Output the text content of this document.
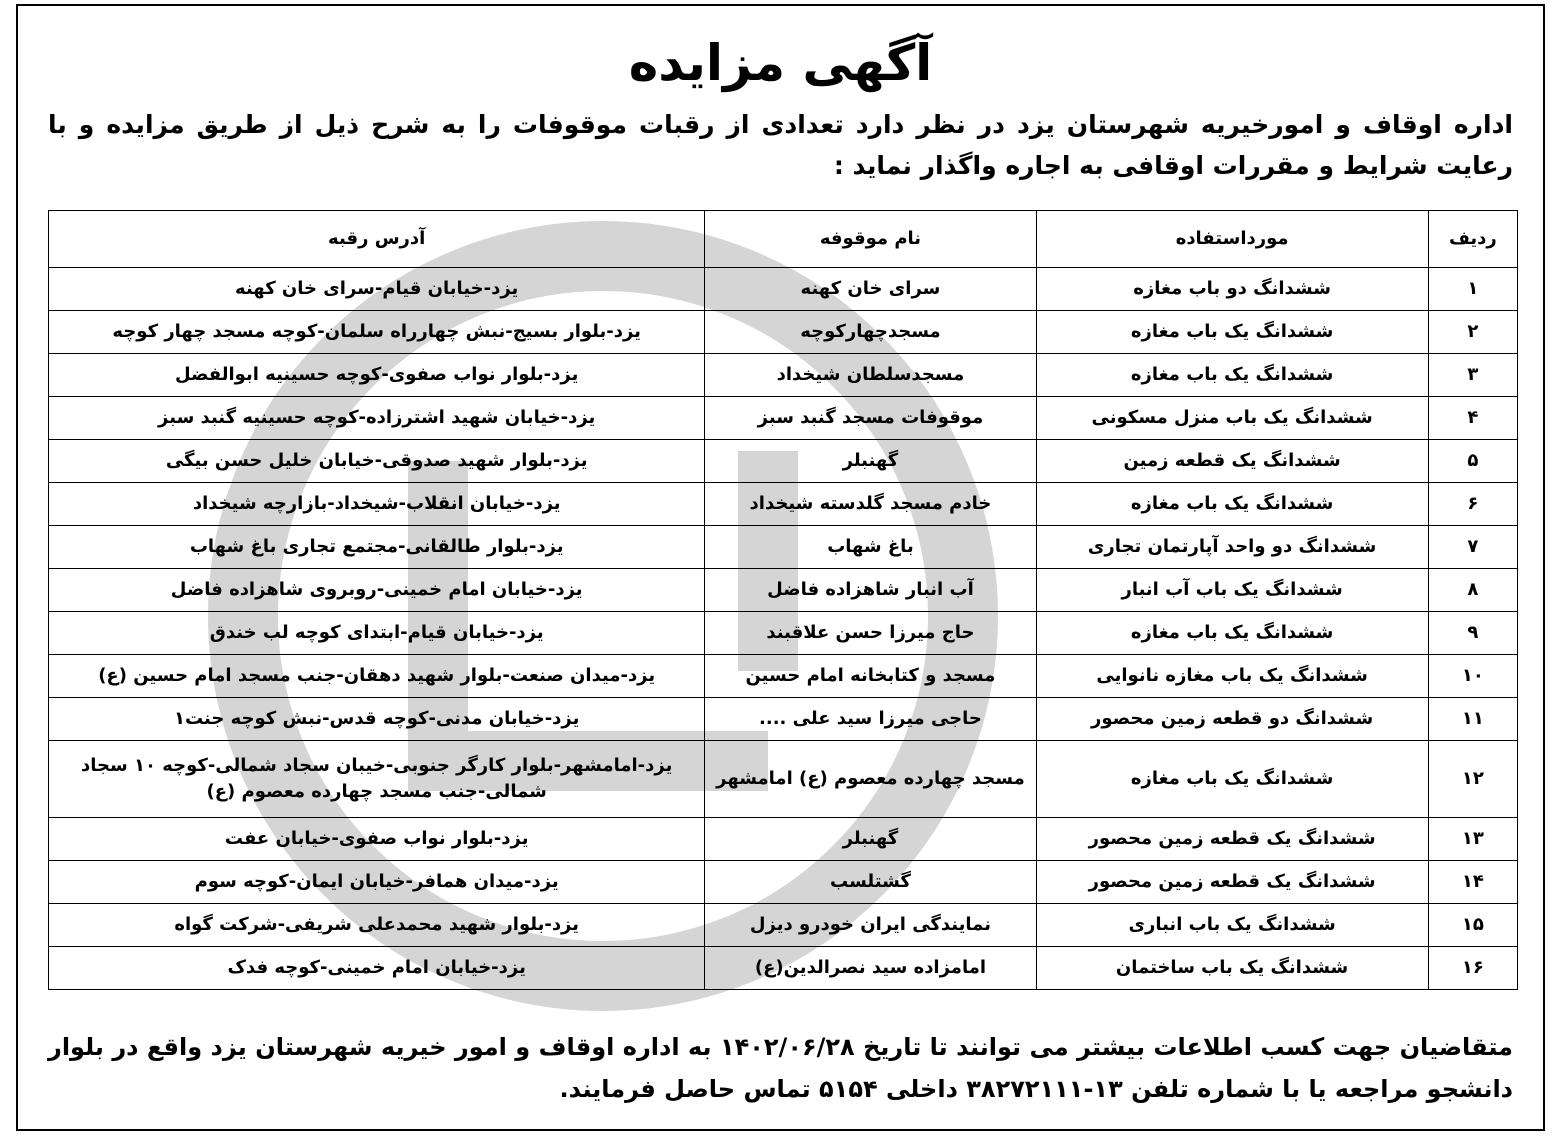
آگهی مزایده
اداره اوقاف و امورخیریه شهرستان یزد در نظر دارد تعدادی از رقبات موقوفات را به شرح ذیل از طریق مزایده و با رعایت شرایط و مقررات اوقافی به اجاره واگذار نماید :
ردیف	مورداستفاده	نام موقوفه	آدرس رقبه
۱	ششدانگ دو باب مغازه	سرای خان کهنه	یزد-خیابان قیام-سرای خان کهنه
۲	ششدانگ یک باب مغازه	مسجدچهارکوچه	یزد-بلوار بسیج-نبش چهارراه سلمان-کوچه مسجد چهار کوچه
۳	ششدانگ یک باب مغازه	مسجدسلطان شیخداد	یزد-بلوار نواب صفوی-کوچه حسینیه ابوالفضل
۴	ششدانگ یک باب منزل مسکونی	موقوفات مسجد گنبد سبز	یزد-خیابان شهید اشترزاده-کوچه حسینیه گنبد سبز
۵	ششدانگ یک قطعه زمین	گهنبلر	یزد-بلوار شهید صدوقی-خیابان خلیل حسن بیگی
۶	ششدانگ یک باب مغازه	خادم مسجد گلدسته شیخداد	یزد-خیابان انقلاب-شیخداد-بازارچه شیخداد
۷	ششدانگ دو واحد آپارتمان تجاری	باغ شهاب	یزد-بلوار طالقانی-مجتمع تجاری باغ شهاب
۸	ششدانگ یک باب آب انبار	آب انبار شاهزاده فاضل	یزد-خیابان امام خمینی-روبروی شاهزاده فاضل
۹	ششدانگ یک باب مغازه	حاج میرزا حسن علاقبند	یزد-خیابان قیام-ابتدای کوچه لب خندق
۱۰	ششدانگ یک باب مغازه نانوایی	مسجد و کتابخانه امام حسین	یزد-میدان صنعت-بلوار شهید دهقان-جنب مسجد امام حسین (ع)
۱۱	ششدانگ دو قطعه زمین محصور	حاجی میرزا سید علی ....	یزد-خیابان مدنی-کوچه قدس-نبش کوچه جنت۱
۱۲	ششدانگ یک باب مغازه	مسجد چهارده معصوم (ع) امامشهر	یزد-امامشهر-بلوار کارگر جنوبی-خیبان سجاد شمالی-کوچه ۱۰ سجاد شمالی-جنب مسجد چهارده معصوم (ع)
۱۳	ششدانگ یک قطعه زمین محصور	گهنبلر	یزد-بلوار نواب صفوی-خیابان عفت
۱۴	ششدانگ یک قطعه زمین محصور	گشتلسب	یزد-میدان همافر-خیابان ایمان-کوچه سوم
۱۵	ششدانگ یک باب انباری	نمایندگی ایران خودرو دیزل	یزد-بلوار شهید محمدعلی شریفی-شرکت گواه
۱۶	ششدانگ یک باب ساختمان	امامزاده سید نصرالدین(ع)	یزد-خیابان امام خمینی-کوچه فدک
متقاضیان جهت کسب اطلاعات بیشتر می توانند تا تاریخ ۱۴۰۲/۰۶/۲۸ به اداره اوقاف و امور خیریه شهرستان یزد واقع در بلوار دانشجو مراجعه یا با شماره تلفن ۱۳-۳۸۲۷۲۱۱۱ داخلی ۵۱۵۴ تماس حاصل فرمایند.
